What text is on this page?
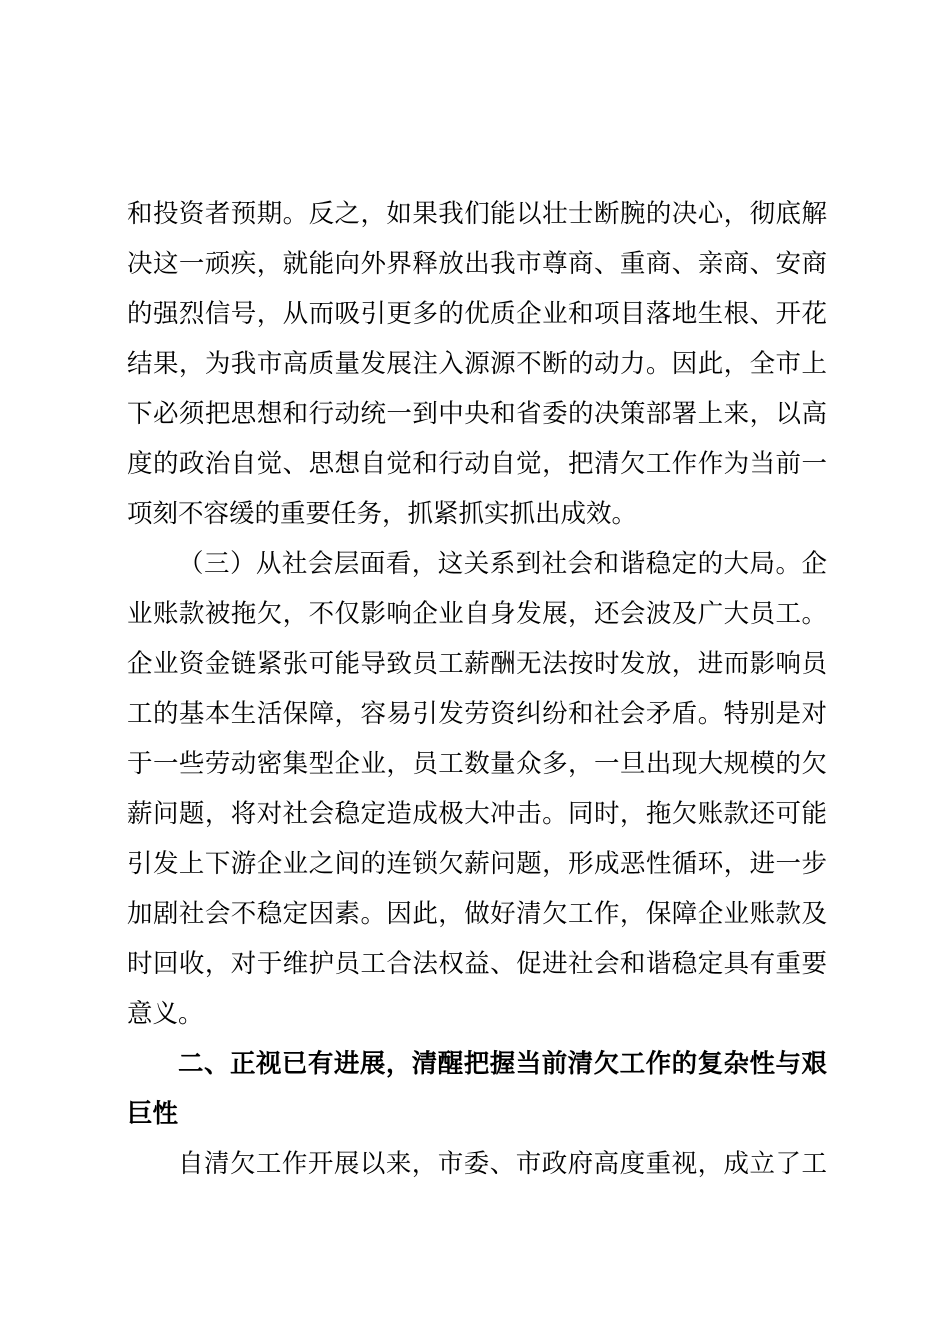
和投资者预期。反之，如果我们能以壮士断腕的决心，彻底解
决这一顽疾，就能向外界释放出我市尊商、重商、亲商、安商
的强烈信号，从而吸引更多的优质企业和项目落地生根、开花
结果，为我市高质量发展注入源源不断的动力。因此，全市上
下必须把思想和行动统一到中央和省委的决策部署上来，以高
度的政治自觉、思想自觉和行动自觉，把清欠工作作为当前一
项刻不容缓的重要任务，抓紧抓实抓出成效。
（三）从社会层面看，这关系到社会和谐稳定的大局。企
业账款被拖欠，不仅影响企业自身发展，还会波及广大员工。
企业资金链紧张可能导致员工薪酬无法按时发放，进而影响员
工的基本生活保障，容易引发劳资纠纷和社会矛盾。特别是对
于一些劳动密集型企业，员工数量众多，一旦出现大规模的欠
薪问题，将对社会稳定造成极大冲击。同时，拖欠账款还可能
引发上下游企业之间的连锁欠薪问题，形成恶性循环，进一步
加剧社会不稳定因素。因此，做好清欠工作，保障企业账款及
时回收，对于维护员工合法权益、促进社会和谐稳定具有重要
意义。
二、正视已有进展，清醒把握当前清欠工作的复杂性与艰
巨性
自清欠工作开展以来，市委、市政府高度重视，成立了工
